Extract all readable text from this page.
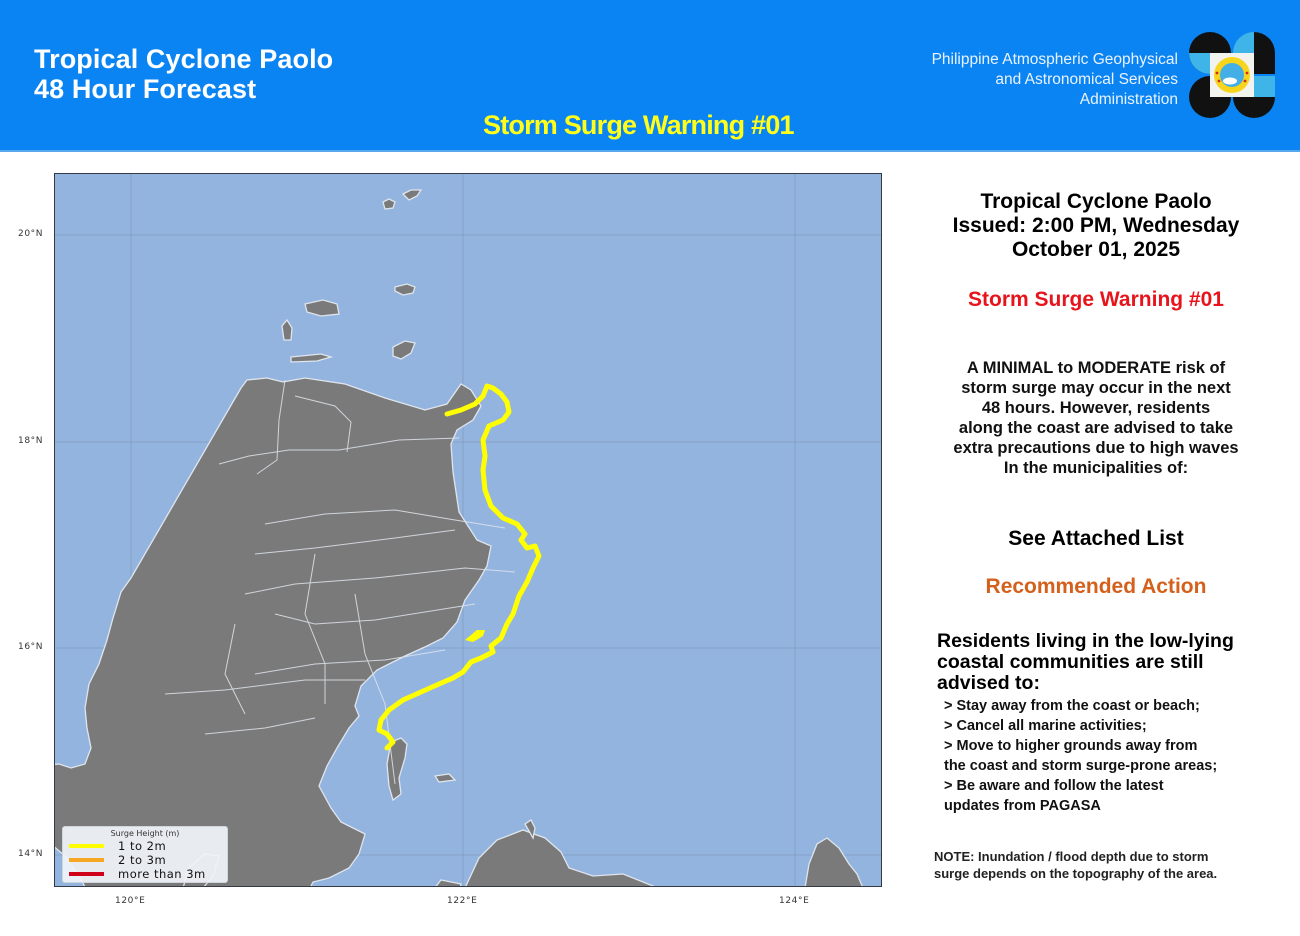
Tropical Cyclone Paolo
48 Hour Forecast
Storm Surge Warning #01
Philippine Atmospheric Geophysical
and Astronomical Services
Administration
20°N
18°N
16°N
14°N
120°E	122°E	124°E
Surge Height (m)
1 to 2m
2 to 3m
more than 3m
Tropical Cyclone Paolo
Issued: 2:00 PM, Wednesday
October 01, 2025
Storm Surge Warning #01
A MINIMAL to MODERATE risk of
storm surge may occur in the next
48 hours. However, residents
along the coast are advised to take
extra precautions due to high waves
In the municipalities of:
See Attached List
Recommended Action
Residents living in the low-lying
coastal communities are still
advised to:
> Stay away from the coast or beach;
> Cancel all marine activities;
> Move to higher grounds away from
the coast and storm surge-prone areas;
> Be aware and follow the latest
updates from PAGASA
NOTE: Inundation / flood depth due to storm
surge depends on the topography of the area.
